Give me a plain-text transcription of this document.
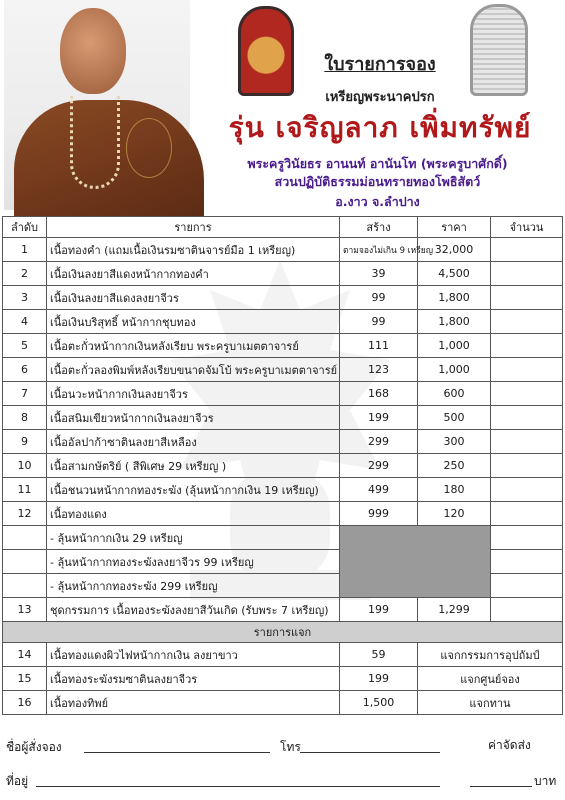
ใบรายการจอง
เหรียญพระนาคปรก
รุ่น เจริญลาภ เพิ่มทรัพย์
พระครูวินัยธร อานนท์ อานันโท (พระครูบาศักดิ์)
สวนปฏิบัติธรรมม่อนทรายทองโพธิสัตว์
อ.งาว จ.ลำปาง
ลำดับ	รายการ	สร้าง	ราคา	จำนวน
1	เนื้อทองคำ (แถมเนื้อเงินรมซาตินจารย์มือ 1 เหรียญ)	ตามจองไม่เกิน 9 เหรียญ	32,000	
2	เนื้อเงินลงยาสีแดงหน้ากากทองคำ	39	4,500	
3	เนื้อเงินลงยาสีแดงลงยาจีวร	99	1,800	
4	เนื้อเงินบริสุทธิ์ หน้ากากชุบทอง	99	1,800	
5	เนื้อตะกั่วหน้ากากเงินหลังเรียบ พระครูบาเมตตาจารย์	111	1,000	
6	เนื้อตะกั่วลองพิมพ์หลังเรียบขนาดจัมโบ้ พระครูบาเมตตาจารย์	123	1,000	
7	เนื้อนวะหน้ากากเงินลงยาจีวร	168	600	
8	เนื้อสนิมเขียวหน้ากากเงินลงยาจีวร	199	500	
9	เนื้ออัลปาก้าซาตินลงยาสีเหลือง	299	300	
10	เนื้อสามกษัตริย์ ( สีพิเศษ 29 เหรียญ )	299	250	
11	เนื้อชนวนหน้ากากทองระฆัง (ลุ้นหน้ากากเงิน 19 เหรียญ)	499	180	
12	เนื้อทองแดง	999	120	
	- ลุ้นหน้ากากเงิน 29 เหรียญ			
	- ลุ้นหน้ากากทองระฆังลงยาจีวร 99 เหรียญ			
	- ลุ้นหน้ากากทองระฆัง 299 เหรียญ			
13	ชุดกรรมการ เนื้อทองระฆังลงยาสีวันเกิด (รับพระ 7 เหรียญ)	199	1,299	
รายการแจก				
14	เนื้อทองแดงผิวไฟหน้ากากเงิน ลงยาขาว	59	แจกกรรมการอุปถัมป์	
15	เนื้อทองระฆังรมซาตินลงยาจีวร	199	แจกศูนย์จอง	
16	เนื้อทองทิพย์	1,500	แจกทาน	
ชื่อผู้สั่งจอง	โทร	ค่าจัดส่ง
ที่อยู่	บาท
